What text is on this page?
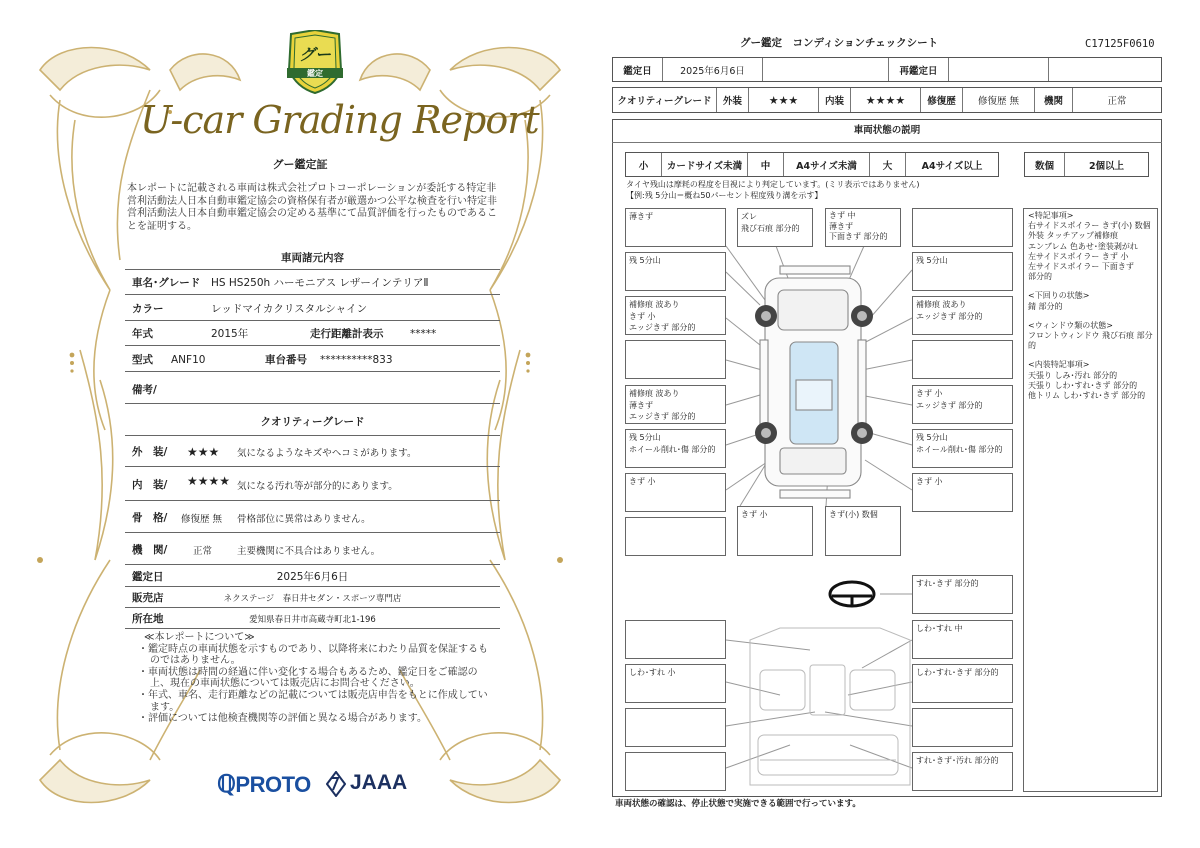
グー
鑑定
U-car Grading Report
グー鑑定証
本レポートに記載される車両は株式会社プロトコーポレーションが委託する特定非営利活動法人日本自動車鑑定協会の資格保有者が厳選かつ公平な検査を行い特定非営利活動法人日本自動車鑑定協会の定める基準にて品質評価を行ったものであることを証明する。
車両諸元内容
車名･グレード	HS HS250h ハーモニアス レザーインテリアⅡ
カラー	レッドマイカクリスタルシャイン
年式	2015年	走行距離計表示	*****
型式	ANF10	車台番号	**********833
備考/
クオリティーグレード
外　装/	★★★	気になるようなキズやヘコミがあります。
内　装/	★★★★ 気になる汚れ等が部分的にあります。
骨　格/	修復歴 無	骨格部位に異常はありません。
機　関/	正常	主要機関に不具合はありません。
鑑定日	2025年6月6日
販売店	ネクステージ　春日井セダン・スポーツ専門店
所在地	愛知県春日井市高蔵寺町北1-196
≪本レポートについて≫
・鑑定時点の車両状態を示すものであり、以降将来にわたり品質を保証するものではありません。
・車両状態は時間の経過に伴い変化する場合もあるため、鑑定日をご確認の上、現在の車両状態については販売店にお問合せください。
・年式、車名、走行距離などの記載については販売店申告をもとに作成しています。
・評価については他検査機関等の評価と異なる場合があります。
ℚPROTO JAAA
グー鑑定　コンディションチェックシート	C17125F0610
鑑定日	2025年6月6日	再鑑定日
クオリティーグレード	外装	★★★	内装	★★★★	修復歴	修復歴 無	機関	正常
車両状態の説明
小	カードサイズ未満	中	A4サイズ未満	大	A4サイズ以上	数個	2個以上
タイヤ残山は摩耗の程度を目視により判定しています。(ミリ表示ではありません)
【例:残 5分山＝概ね50パーセント程度残り溝を示す】
薄きず
残 5分山
補修痕 波あり
きず 小
エッジきず 部分的
補修痕 波あり
薄きず
エッジきず 部分的
残 5分山
ホイール削れ･傷 部分的
きず 小
ズレ
飛び石痕 部分的
きず 中
薄きず
下面きず 部分的
残 5分山
補修痕 波あり
エッジきず 部分的
きず 小
エッジきず 部分的
残 5分山
ホイール削れ･傷 部分的
きず 小
きず 小	きず(小) 数個
すれ･きず 部分的
しわ･すれ 中
しわ･すれ 小	しわ･すれ･きず 部分的
すれ･きず･汚れ 部分的

<特記事項>
右サイドスポイラー きず(小) 数個
外装 タッチアップ補修痕
エンブレム 色あせ･塗装剥がれ
左サイドスポイラー きず 小
左サイドスポイラー 下面きず
部分的

<下回りの状態>
錆 部分的

<ウィンドウ類の状態>
フロントウィンドウ 飛び石痕 部分的

<内装特記事項>
天張り しみ･汚れ 部分的
天張り しわ･すれ･きず 部分的
他トリム しわ･すれ･きず 部分的

車両状態の確認は、停止状態で実施できる範囲で行っています。
